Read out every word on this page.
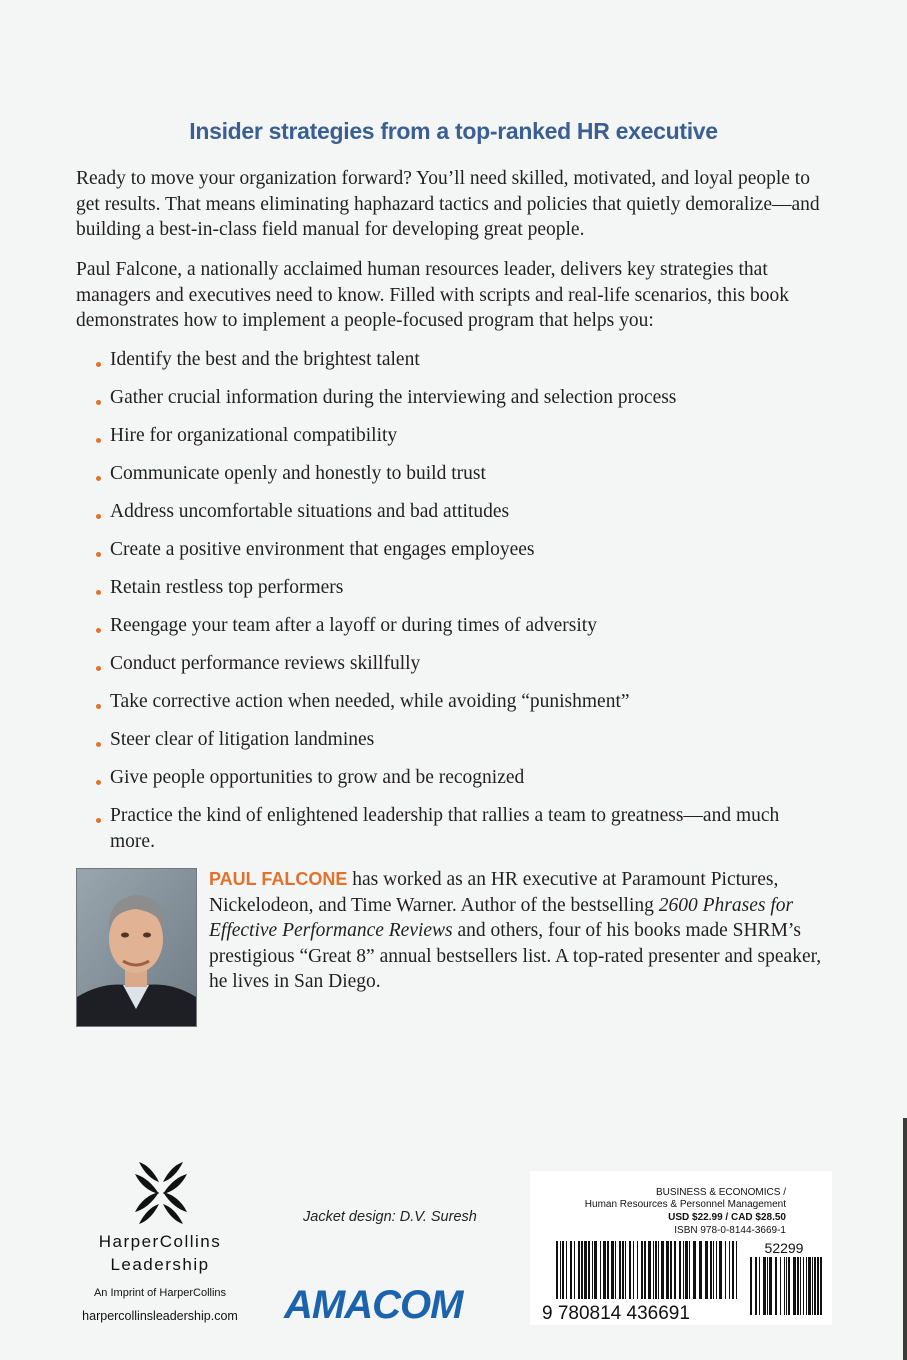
Insider strategies from a top-ranked HR executive

Ready to move your organization forward? You’ll need skilled, motivated, and loyal people to get results. That means eliminating haphazard tactics and policies that quietly demoralize—and building a best-in-class field manual for developing great people.

Paul Falcone, a nationally acclaimed human resources leader, delivers key strategies that managers and executives need to know. Filled with scripts and real-life scenarios, this book demonstrates how to implement a people-focused program that helps you:

Identify the best and the brightest talent
Gather crucial information during the interviewing and selection process
Hire for organizational compatibility
Communicate openly and honestly to build trust
Address uncomfortable situations and bad attitudes
Create a positive environment that engages employees
Retain restless top performers
Reengage your team after a layoff or during times of adversity
Conduct performance reviews skillfully
Take corrective action when needed, while avoiding “punishment”
Steer clear of litigation landmines
Give people opportunities to grow and be recognized
Practice the kind of enlightened leadership that rallies a team to greatness—and much more.

PAUL FALCONE has worked as an HR executive at Paramount Pictures, Nickelodeon, and Time Warner. Author of the bestselling 2600 Phrases for Effective Performance Reviews and others, four of his books made SHRM’s prestigious “Great 8” annual bestsellers list. A top-rated presenter and speaker, he lives in San Diego.

HarperCollins
Leadership
An Imprint of HarperCollins
harpercollinsleadership.com
Jacket design: D.V. Suresh
AMACOM
BUSINESS & ECONOMICS /
Human Resources & Personnel Management
USD $22.99 / CAD $28.50
ISBN 978-0-8144-3669-1
52299
9 780814 436691
